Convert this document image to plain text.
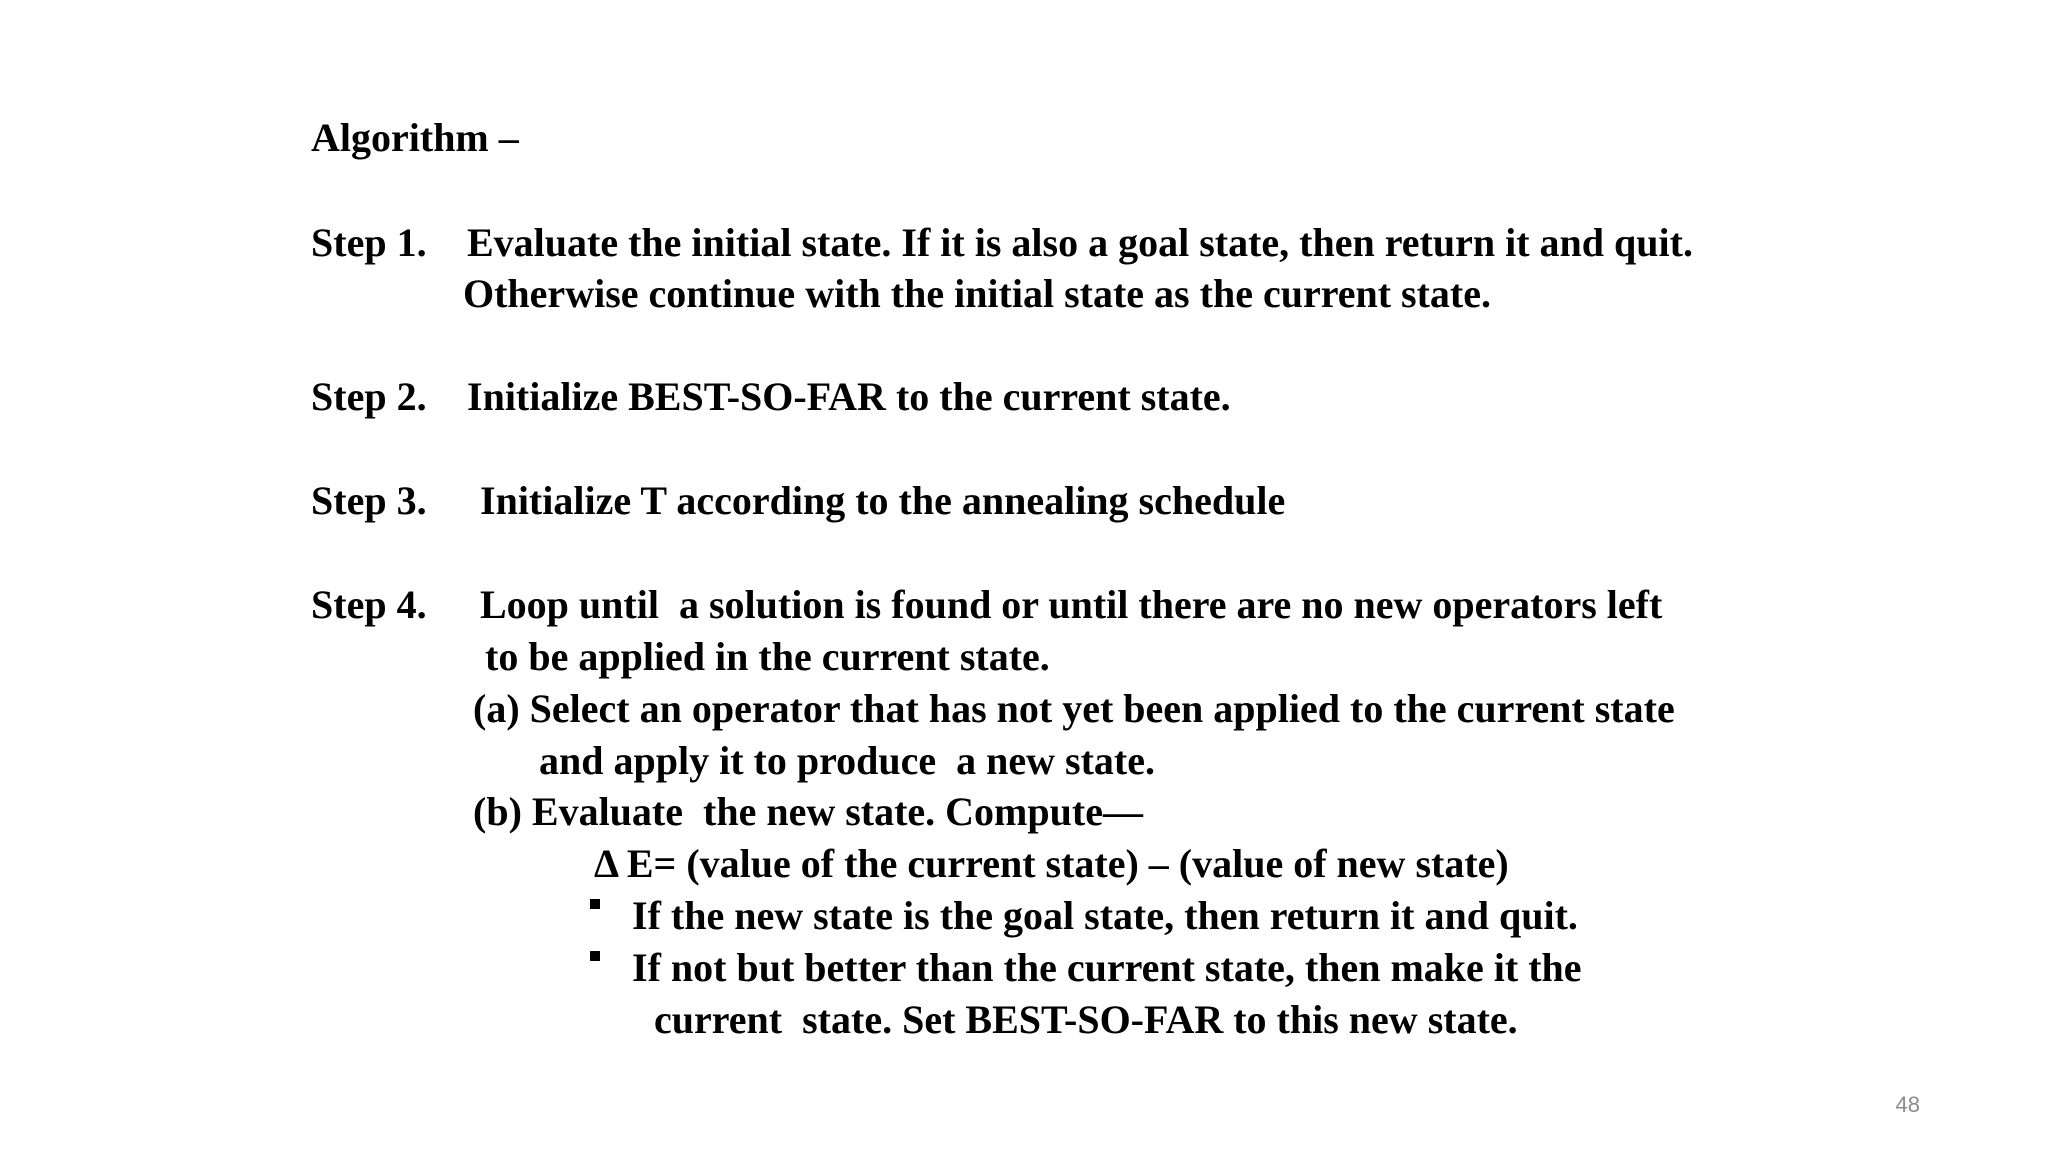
Algorithm –

Step 1. Evaluate the initial state. If it is also a goal state, then return it and quit.

Otherwise continue with the initial state as the current state.

Step 2. Initialize BEST-SO-FAR to the current state.

Step 3. Initialize T according to the annealing schedule

Step 4. Loop until  a solution is found or until there are no new operators left

to be applied in the current state.

(a) Select an operator that has not yet been applied to the current state

and apply it to produce  a new state.

(b) Evaluate  the new state. Compute—

Δ E= (value of the current state) – (value of new state)

If the new state is the goal state, then return it and quit.

If not but better than the current state, then make it the

current  state. Set BEST-SO-FAR to this new state.

48
